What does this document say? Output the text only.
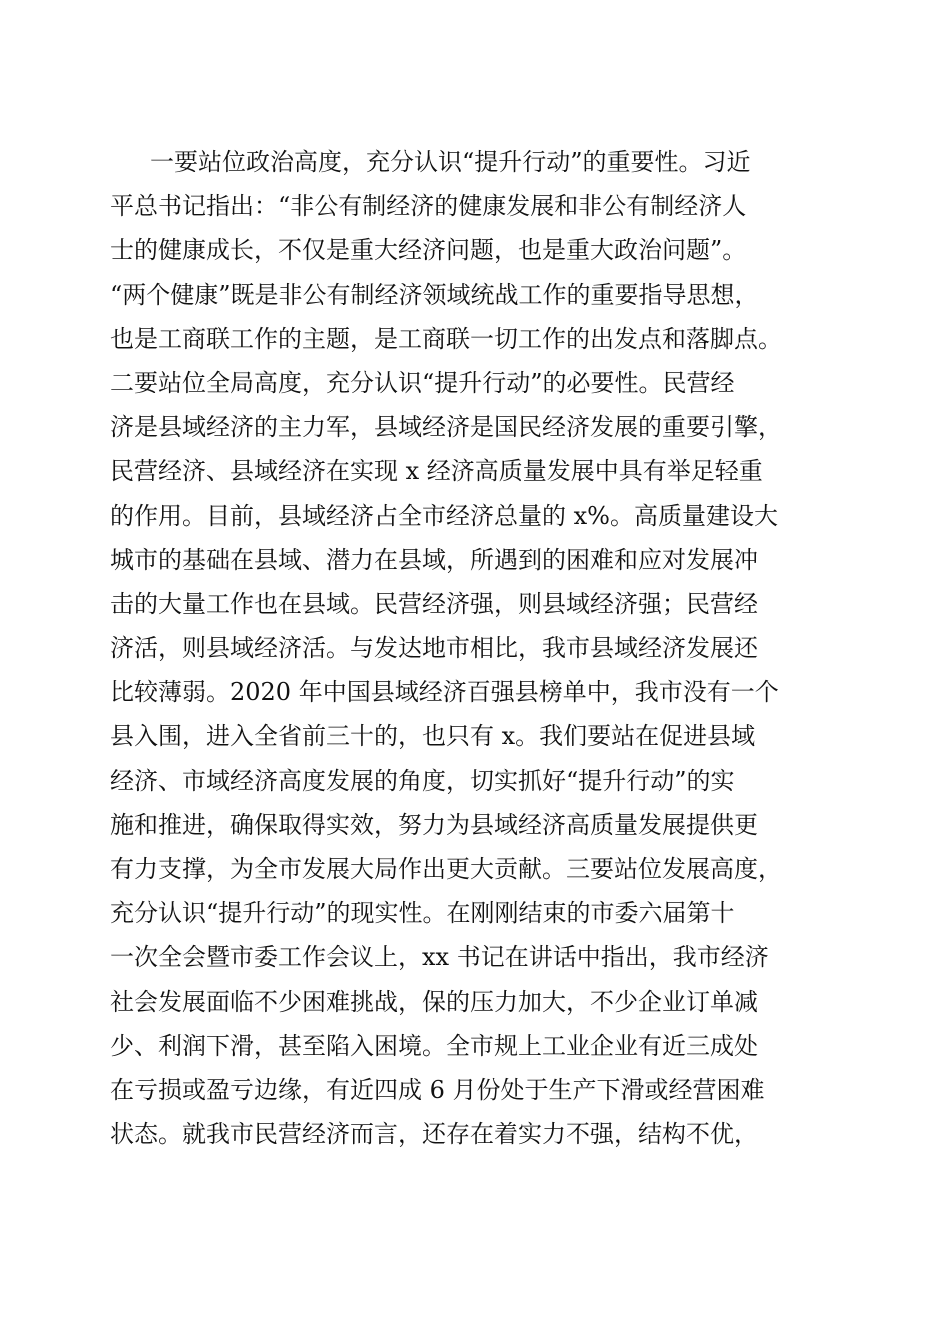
一要站位政治高度，充分认识“提升行动”的重要性。习近
平总书记指出：“非公有制经济的健康发展和非公有制经济人
士的健康成长，不仅是重大经济问题，也是重大政治问题”。
“两个健康”既是非公有制经济领域统战工作的重要指导思想，
也是工商联工作的主题，是工商联一切工作的出发点和落脚点。
二要站位全局高度，充分认识“提升行动”的必要性。民营经
济是县域经济的主力军，县域经济是国民经济发展的重要引擎，
民营经济、县域经济在实现 x 经济高质量发展中具有举足轻重
的作用。目前，县域经济占全市经济总量的 x%。高质量建设大
城市的基础在县域、潜力在县域，所遇到的困难和应对发展冲
击的大量工作也在县域。民营经济强，则县域经济强；民营经
济活，则县域经济活。与发达地市相比，我市县域经济发展还
比较薄弱。2020 年中国县域经济百强县榜单中，我市没有一个
县入围，进入全省前三十的，也只有 x。我们要站在促进县域
经济、市域经济高度发展的角度，切实抓好“提升行动”的实
施和推进，确保取得实效，努力为县域经济高质量发展提供更
有力支撑，为全市发展大局作出更大贡献。三要站位发展高度，
充分认识“提升行动”的现实性。在刚刚结束的市委六届第十
一次全会暨市委工作会议上，xx 书记在讲话中指出，我市经济
社会发展面临不少困难挑战，保的压力加大，不少企业订单减
少、利润下滑，甚至陷入困境。全市规上工业企业有近三成处
在亏损或盈亏边缘，有近四成 6 月份处于生产下滑或经营困难
状态。就我市民营经济而言，还存在着实力不强，结构不优，
